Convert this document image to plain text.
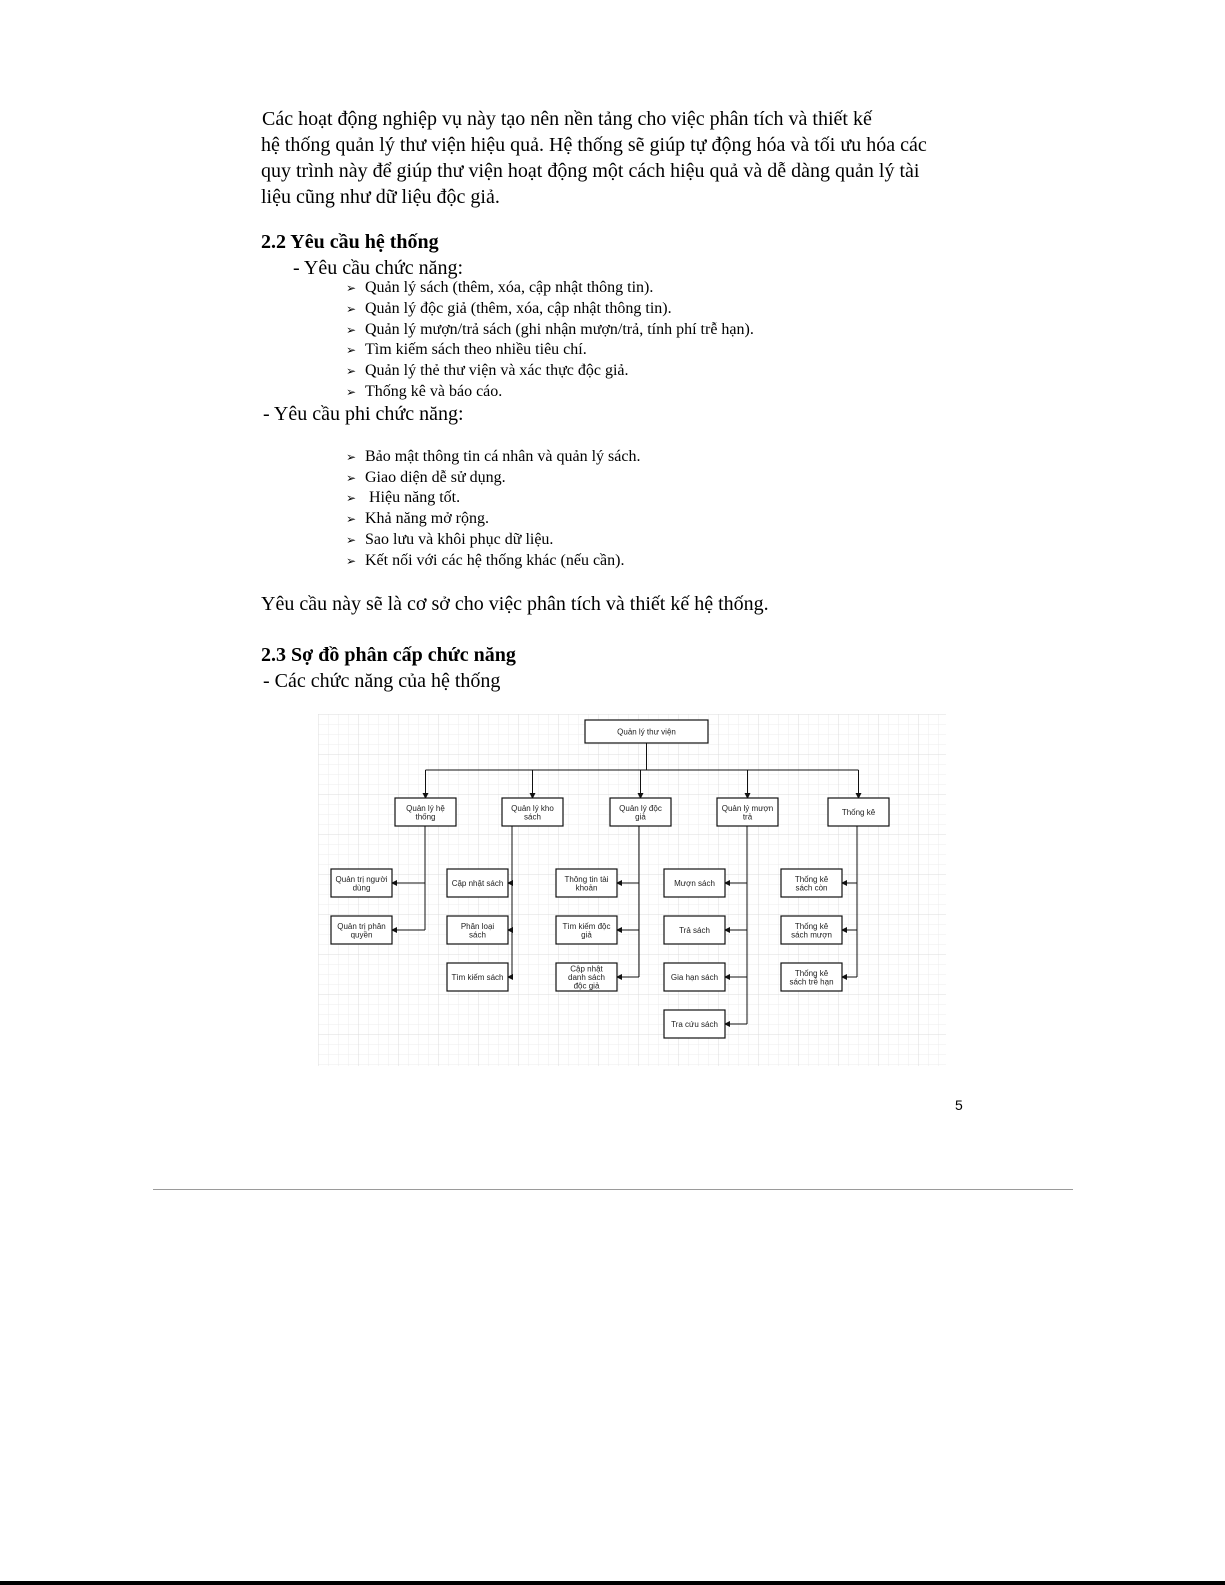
Các hoạt động nghiệp vụ này tạo nên nền tảng cho việc phân tích và thiết kế
hệ thống quản lý thư viện hiệu quả. Hệ thống sẽ giúp tự động hóa và tối ưu hóa các
quy trình này để giúp thư viện hoạt động một cách hiệu quả và dễ dàng quản lý tài
liệu cũng như dữ liệu độc giả.
2.2 Yêu cầu hệ thống
- Yêu cầu chức năng:
➢ Quản lý sách (thêm, xóa, cập nhật thông tin).
➢ Quản lý độc giả (thêm, xóa, cập nhật thông tin).
➢ Quản lý mượn/trả sách (ghi nhận mượn/trả, tính phí trễ hạn).
➢ Tìm kiếm sách theo nhiều tiêu chí.
➢ Quản lý thẻ thư viện và xác thực độc giả.
➢ Thống kê và báo cáo.
- Yêu cầu phi chức năng:
➢ Bảo mật thông tin cá nhân và quản lý sách.
➢ Giao diện dễ sử dụng.
➢ Hiệu năng tốt.
➢ Khả năng mở rộng.
➢ Sao lưu và khôi phục dữ liệu.
➢ Kết nối với các hệ thống khác (nếu cần).
Yêu cầu này sẽ là cơ sở cho việc phân tích và thiết kế hệ thống.
2.3 Sợ đồ phân cấp chức năng
- Các chức năng của hệ thống
Quản lý thư viện
Quản lý hệ
thống
Quản lý kho
sách
Quản lý độc
giả
Quản lý mượn
trả	Thống kê
Quản trị người
dùng
Quản trị phân
quyền
Cập nhật sách
Phân loại
sách
Tìm kiếm sách
Thông tin tài
khoản
Tìm kiếm độc
giả
Cập nhật
danh sách
độc giả
Mượn sách
Trả sách
Gia hạn sách
Tra cứu sách
Thống kê
sách còn
Thống kê
sách mượn
Thống kê
sách trễ hạn
5
